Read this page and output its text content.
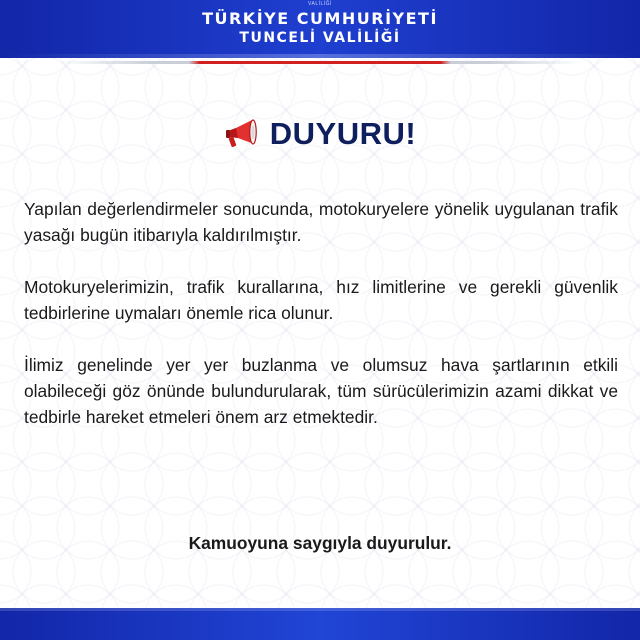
VALİLİĞİ
TÜRKİYE CUMHURİYETİ
TUNCELİ VALİLİĞİ
DUYURU!

Yapılan değerlendirmeler sonucunda, motokuryelere yönelik uygulanan trafik yasağı bugün itibarıyla kaldırılmıştır.

Motokuryelerimizin, trafik kurallarına, hız limitlerine ve gerekli güvenlik tedbirlerine uymaları önemle rica olunur.

İlimiz genelinde yer yer buzlanma ve olumsuz hava şartlarının etkili olabileceği göz önünde bulundurularak, tüm sürücülerimizin azami dikkat ve tedbirle hareket etmeleri önem arz etmektedir.

Kamuoyuna saygıyla duyurulur.
